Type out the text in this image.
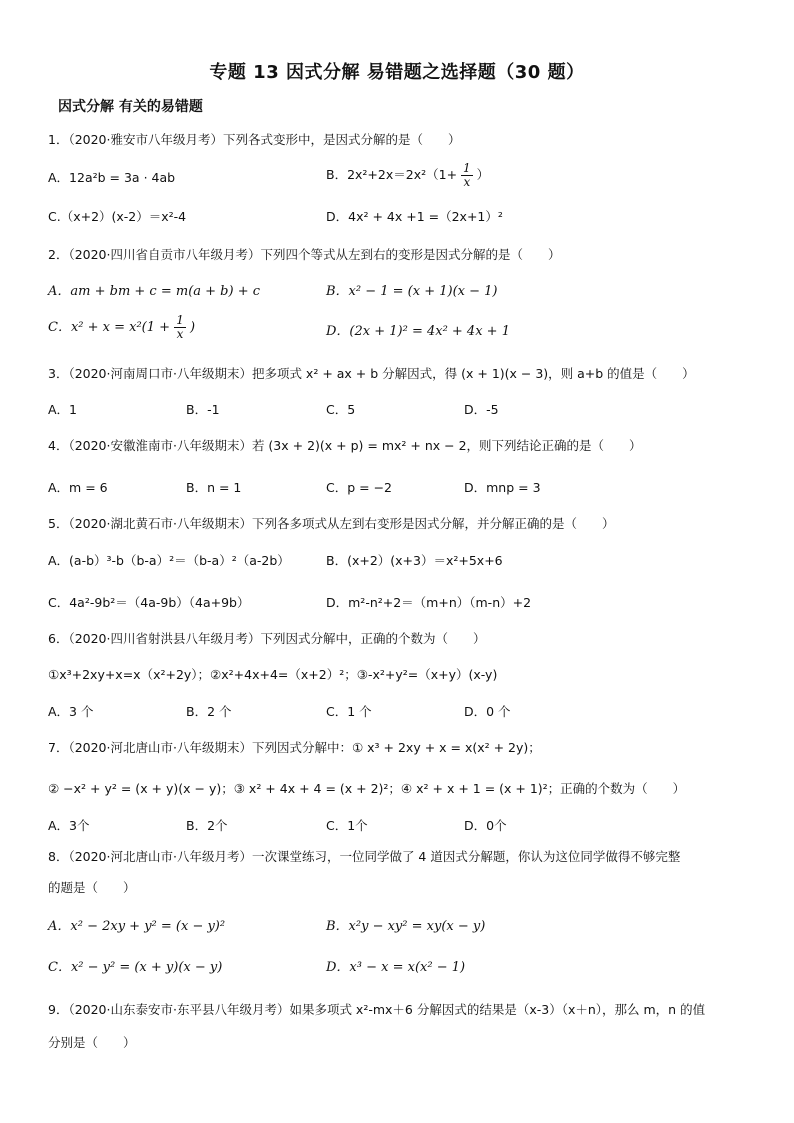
专题 13 因式分解 易错题之选择题（30 题）
因式分解 有关的易错题
1．（2020·雅安市八年级月考）下列各式变形中，是因式分解的是（　　）
A．12a²b = 3a · 4ab	B．$2x^2+2x=2x^2(1+ \frac{1}{x}$ ）
C.（x+2）(x-2）＝x²-4	D．4x² + 4x +1 =（2x+1）²
2．（2020·四川省自贡市八年级月考）下列四个等式从左到右的变形是因式分解的是（　　）
A．am + bm + c = m(a + b) + c	B．x² − 1 = (x + 1)(x − 1)
C．$x^2 + x = x^2(1 + \frac{1}{x}$ )	D．(2x + 1)² = 4x² + 4x + 1
3．（2020·河南周口市·八年级期末）把多项式 x² + ax + b 分解因式，得 (x + 1)(x − 3)，则 a+b 的值是（　　）
A．1	B．-1	C．5	D．-5
4．（2020·安徽淮南市·八年级期末）若 (3x + 2)(x + p) = mx² + nx − 2，则下列结论正确的是（　　）
A．m = 6	B．n = 1	C．p = −2	D．mnp = 3
5．（2020·湖北黄石市·八年级期末）下列各多项式从左到右变形是因式分解，并分解正确的是（　　）
A．(a-b）³-b（b-a）²＝（b-a）²（a-2b）	B．(x+2）(x+3）＝x²+5x+6
C．4a²-9b²＝（4a-9b）（4a+9b）	D．m²-n²+2＝（m+n）（m-n）+2
6．（2020·四川省射洪县八年级月考）下列因式分解中，正确的个数为（　　）
①x³+2xy+x=x（x²+2y）；②x²+4x+4=（x+2）²；③-x²+y²=（x+y）(x-y)
A．3 个	B．2 个	C．1 个	D．0 个
7．（2020·河北唐山市·八年级期末）下列因式分解中：① x³ + 2xy + x = x(x² + 2y)；
② −x² + y² = (x + y)(x − y)；③ x² + 4x + 4 = (x + 2)²；④ x² + x + 1 = (x + 1)²；正确的个数为（　　）
A．3个	B．2个	C．1个	D．0个
8．（2020·河北唐山市·八年级月考）一次课堂练习，一位同学做了 4 道因式分解题，你认为这位同学做得不够完整
的题是（　　）
A．x² − 2xy + y² = (x − y)²	B．x²y − xy² = xy(x − y)
C．x² − y² = (x + y)(x − y)	D．x³ − x = x(x² − 1)
9．（2020·山东泰安市·东平县八年级月考）如果多项式 x²-mx＋6 分解因式的结果是（x-3）（x＋n），那么 m，n 的值
分别是（　　）
